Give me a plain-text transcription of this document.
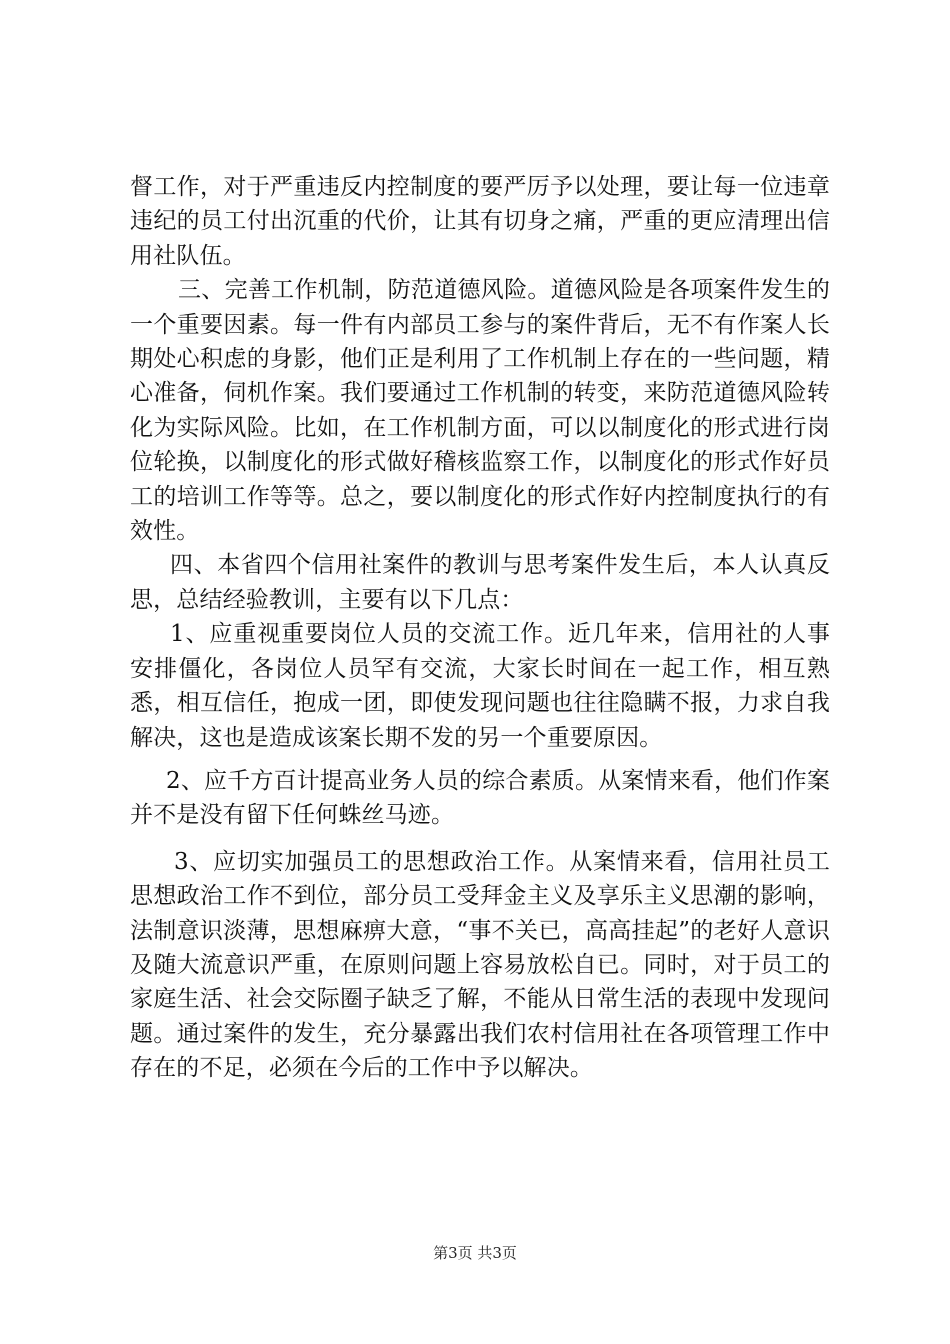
督工作，对于严重违反内控制度的要严厉予以处理，要让每一位违章违纪的员工付出沉重的代价，让其有切身之痛，严重的更应清理出信用社队伍。

三、完善工作机制，防范道德风险。道德风险是各项案件发生的一个重要因素。每一件有内部员工参与的案件背后，无不有作案人长期处心积虑的身影，他们正是利用了工作机制上存在的一些问题，精心准备，伺机作案。我们要通过工作机制的转变，来防范道德风险转化为实际风险。比如，在工作机制方面，可以以制度化的形式进行岗位轮换，以制度化的形式做好稽核监察工作，以制度化的形式作好员工的培训工作等等。总之，要以制度化的形式作好内控制度执行的有效性。

四、本省四个信用社案件的教训与思考案件发生后，本人认真反思，总结经验教训，主要有以下几点：

1、应重视重要岗位人员的交流工作。近几年来，信用社的人事安排僵化，各岗位人员罕有交流，大家长时间在一起工作，相互熟悉，相互信任，抱成一团，即使发现问题也往往隐瞒不报，力求自我解决，这也是造成该案长期不发的另一个重要原因。

2、应千方百计提高业务人员的综合素质。从案情来看，他们作案并不是没有留下任何蛛丝马迹。

3、应切实加强员工的思想政治工作。从案情来看，信用社员工思想政治工作不到位，部分员工受拜金主义及享乐主义思潮的影响，法制意识淡薄，思想麻痹大意，“事不关已，高高挂起”的老好人意识及随大流意识严重，在原则问题上容易放松自已。同时，对于员工的家庭生活、社会交际圈子缺乏了解，不能从日常生活的表现中发现问题。通过案件的发生，充分暴露出我们农村信用社在各项管理工作中存在的不足，必须在今后的工作中予以解决。

第3页 共3页
